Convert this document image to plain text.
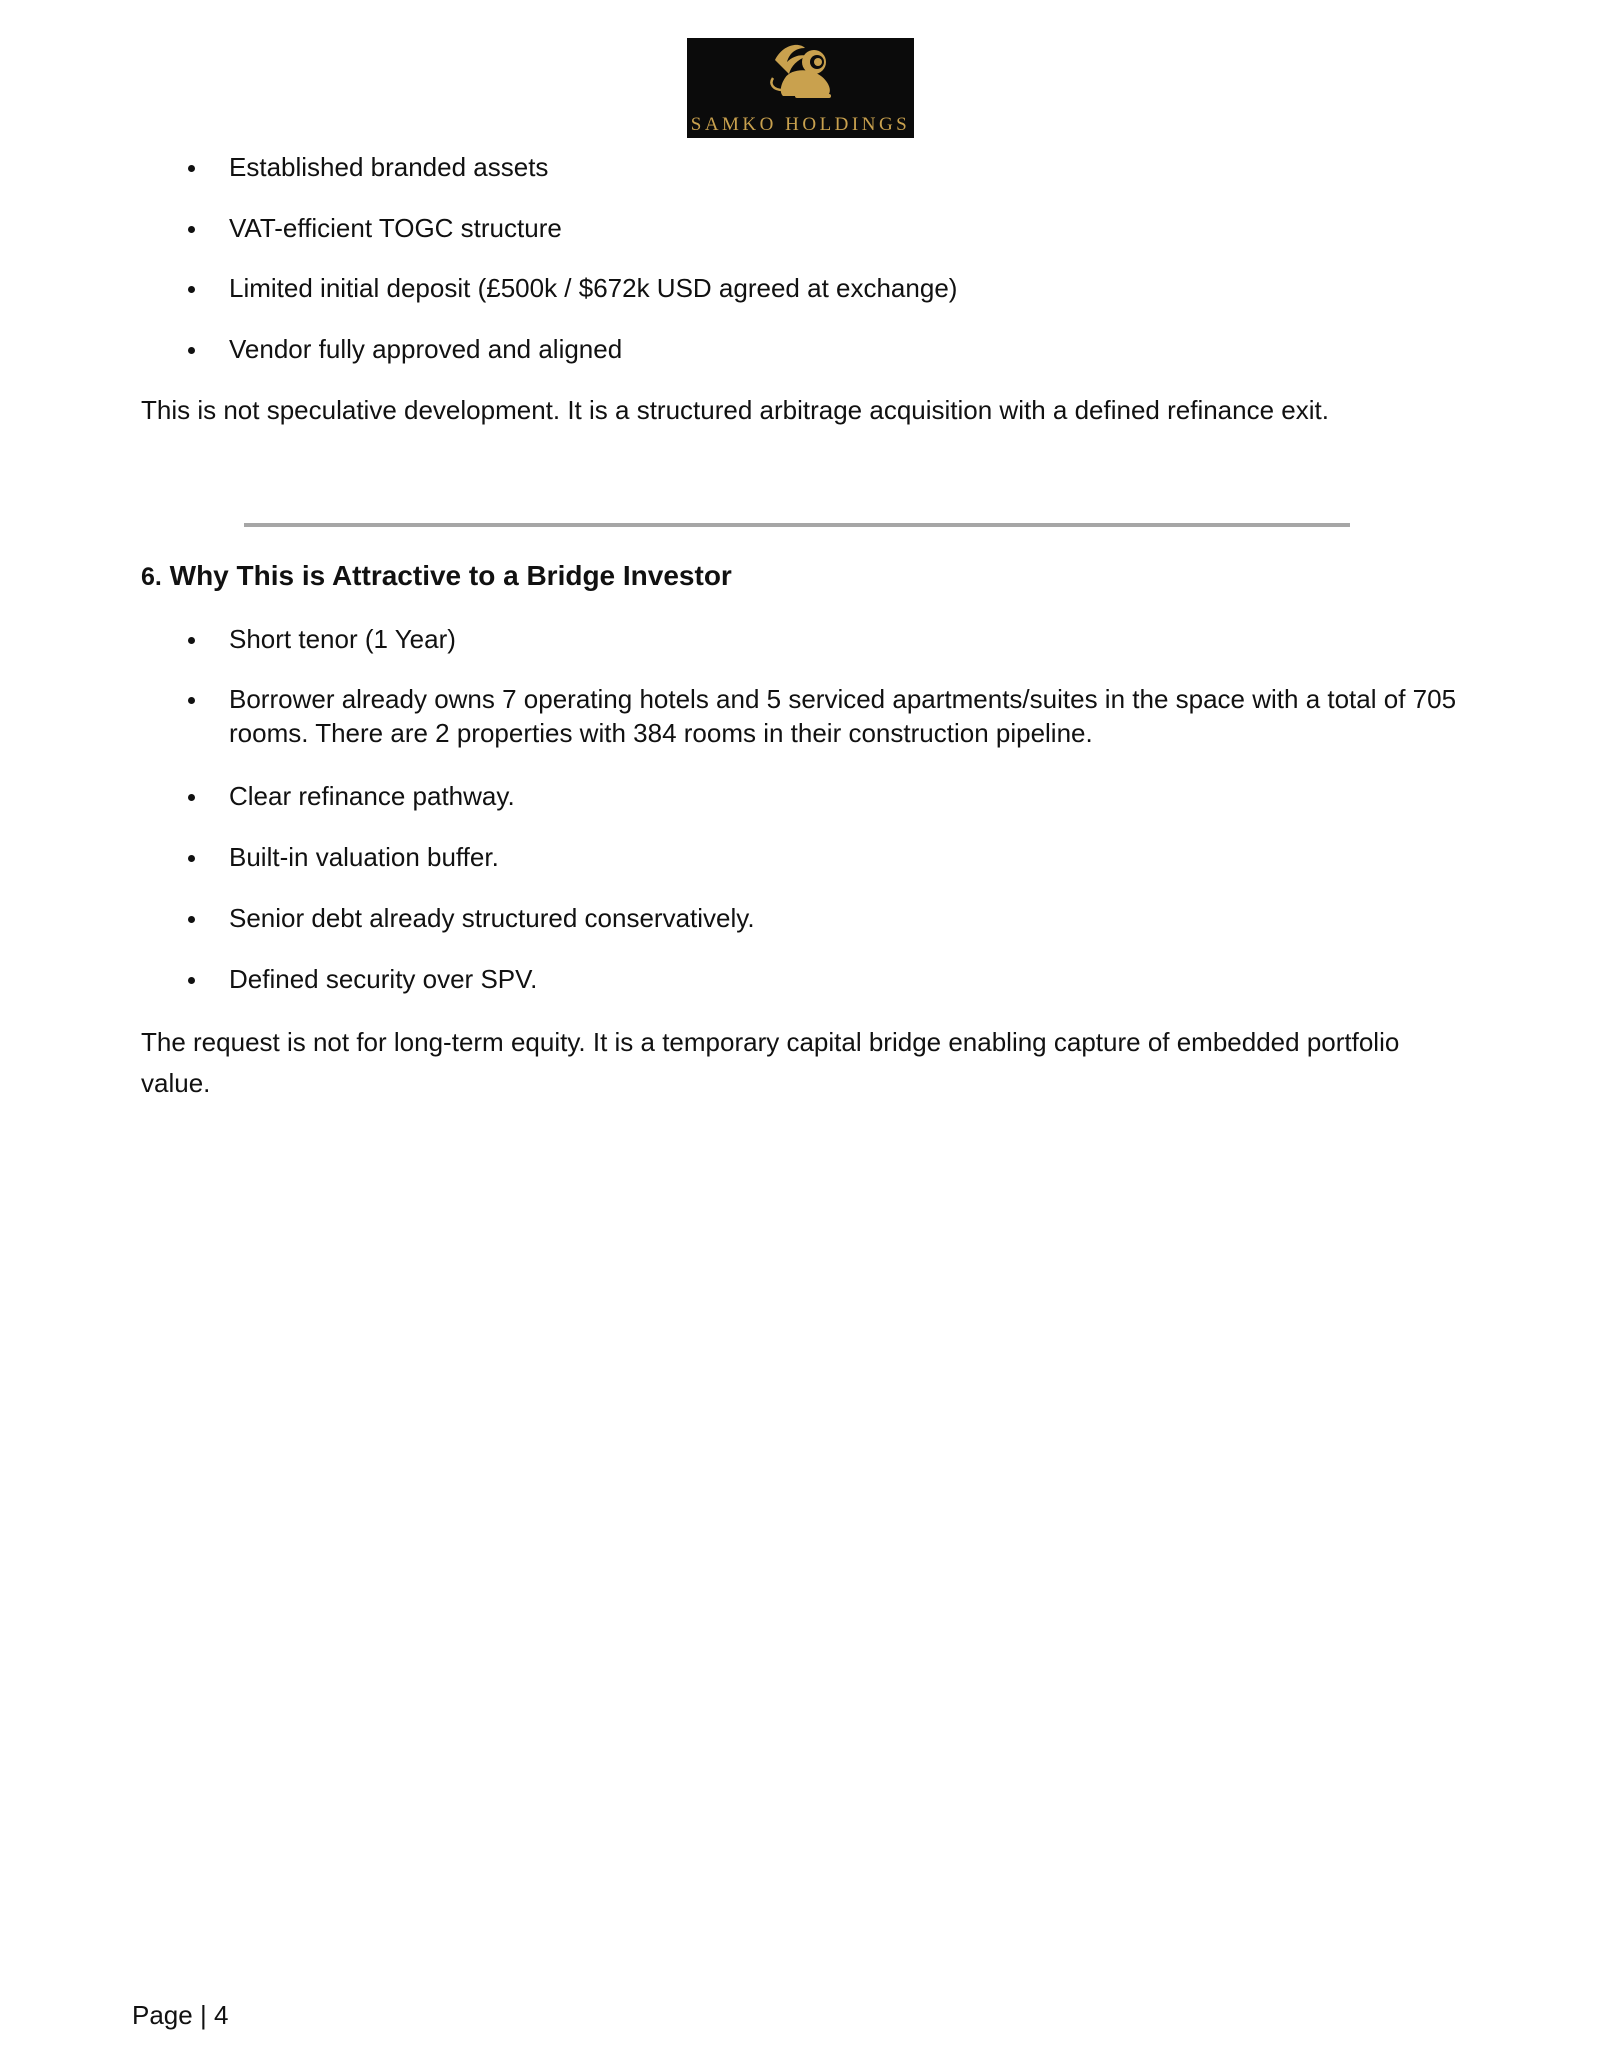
SAMKO HOLDINGS
Established branded assets
VAT-efficient TOGC structure
Limited initial deposit (£500k / $672k USD agreed at exchange)
Vendor fully approved and aligned

This is not speculative development. It is a structured arbitrage acquisition with a defined refinance exit.

6. Why This is Attractive to a Bridge Investor
Short tenor (1 Year)
Borrower already owns 7 operating hotels and 5 serviced apartments/suites in the space with a total of 705 rooms. There are 2 properties with 384 rooms in their construction pipeline.
Clear refinance pathway.
Built-in valuation buffer.
Senior debt already structured conservatively.
Defined security over SPV.

The request is not for long-term equity. It is a temporary capital bridge enabling capture of embedded portfolio value.

Page | 4
